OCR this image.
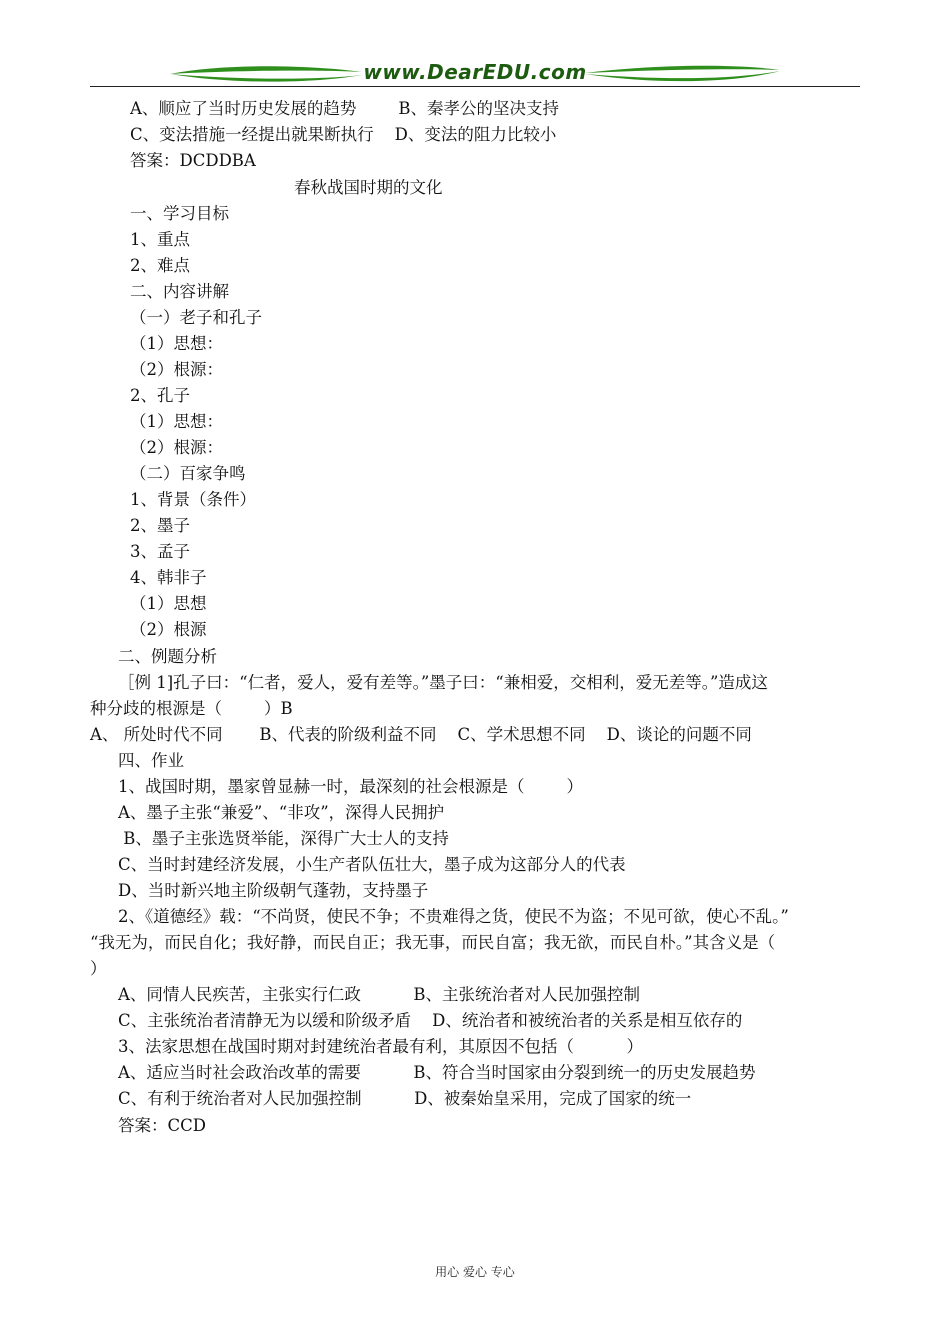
www.DearEDU.com
A、顺应了当时历史发展的趋势        B、秦孝公的坚决支持
C、变法措施一经提出就果断执行    D、变法的阻力比较小
答案：DCDDBA
春秋战国时期的文化
一、学习目标
1、重点
2、难点
二、内容讲解
（一）老子和孔子
（1）思想：
（2）根源：
2、孔子
（1）思想：
（2）根源：
（二）百家争鸣
1、背景（条件）
2、墨子
3、孟子
4、韩非子
（1）思想
（2）根源
二、例题分析
［例 1]孔子曰：“仁者，爱人，爱有差等。”墨子曰：“兼相爱，交相利，爱无差等。”造成这
种分歧的根源是（        ）B
A、 所处时代不同       B、代表的阶级利益不同    C、学术思想不同    D、谈论的问题不同
四、作业
1、战国时期，墨家曾显赫一时，最深刻的社会根源是（        ）
A、墨子主张“兼爱”、“非攻”，深得人民拥护
B、墨子主张选贤举能，深得广大士人的支持
C、当时封建经济发展，小生产者队伍壮大，墨子成为这部分人的代表
D、当时新兴地主阶级朝气蓬勃，支持墨子
2、《道德经》载：“不尚贤，使民不争；不贵难得之货，使民不为盗；不见可欲，使心不乱。”
“我无为，而民自化；我好静，而民自正；我无事，而民自富；我无欲，而民自朴。”其含义是（
）
A、同情人民疾苦，主张实行仁政          B、主张统治者对人民加强控制
C、主张统治者清静无为以缓和阶级矛盾    D、统治者和被统治者的关系是相互依存的
3、法家思想在战国时期对封建统治者最有利，其原因不包括（          ）
A、适应当时社会政治改革的需要          B、符合当时国家由分裂到统一的历史发展趋势
C、有利于统治者对人民加强控制          D、被秦始皇采用，完成了国家的统一
答案：CCD
用心 爱心 专心
